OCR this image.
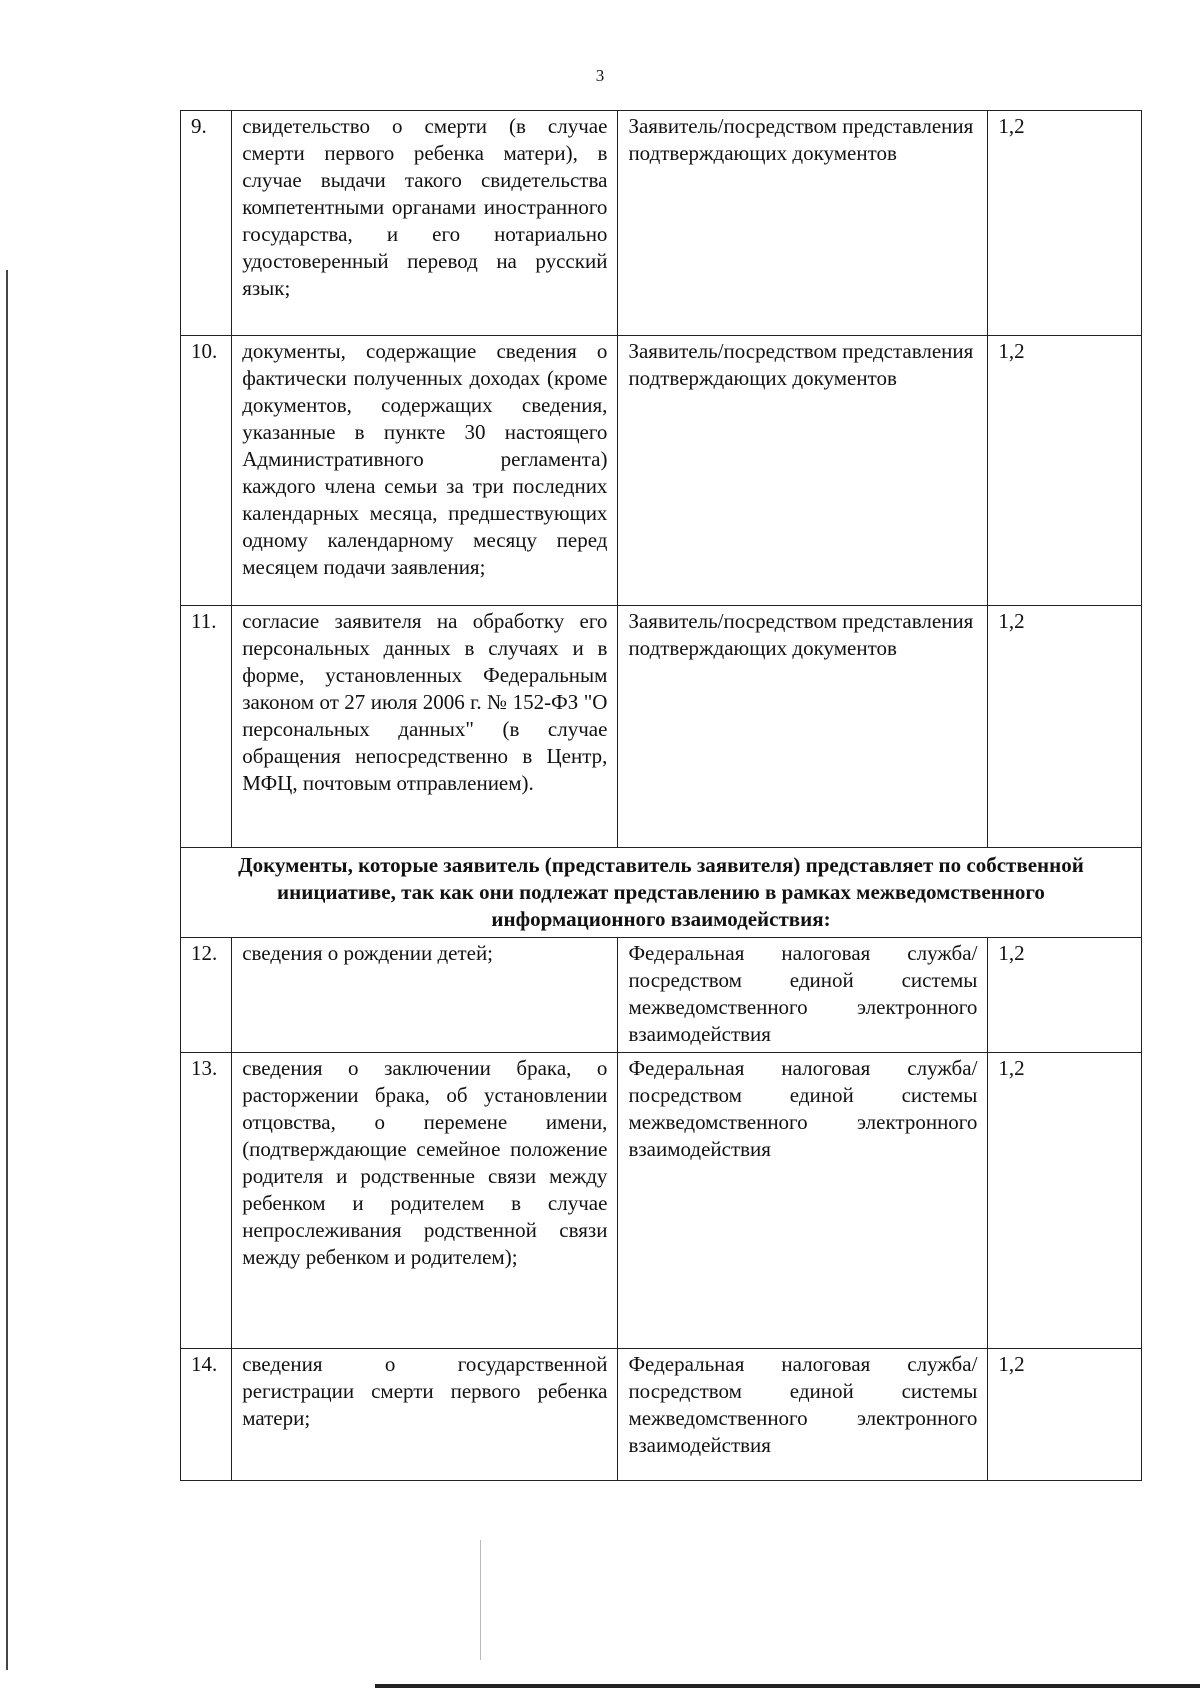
3
9.	свидетельство о смерти (в случае смерти первого ребенка матери), в случае выдачи такого свидетельства компетентными органами иностранного государства, и его нотариально удостоверенный перевод на русский язык;	Заявитель/посредством представления подтверждающих документов	1,2
10.	документы, содержащие сведения о фактически полученных доходах (кроме документов, содержащих сведения, указанные в пункте 30 настоящего Административного регламента) каждого члена семьи за три последних календарных месяца, предшествующих одному календарному месяцу перед месяцем подачи заявления;	Заявитель/посредством представления подтверждающих документов	1,2
11.	согласие заявителя на обработку его персональных данных в случаях и в форме, установленных Федеральным законом от 27 июля 2006 г. № 152-ФЗ "О персональных данных" (в случае обращения непосредственно в Центр, МФЦ, почтовым отправлением).	Заявитель/посредством представления подтверждающих документов	1,2
Документы, которые заявитель (представитель заявителя) представляет по собственной инициативе, так как они подлежат представлению в рамках межведомственного информационного взаимодействия:			
12.	сведения о рождении детей;	Федеральная налоговая служба/посредством единой системы межведомственного электронного взаимодействия	1,2
13.	сведения о заключении брака, о расторжении брака, об установлении отцовства, о перемене имени, (подтверждающие семейное положение родителя и родственные связи между ребенком и родителем в случае непрослеживания родственной связи между ребенком и родителем);	Федеральная налоговая служба/посредством единой системы межведомственного электронного взаимодействия	1,2
14.	сведения о государственной регистрации смерти первого ребенка матери;	Федеральная налоговая служба/посредством единой системы межведомственного электронного взаимодействия	1,2
